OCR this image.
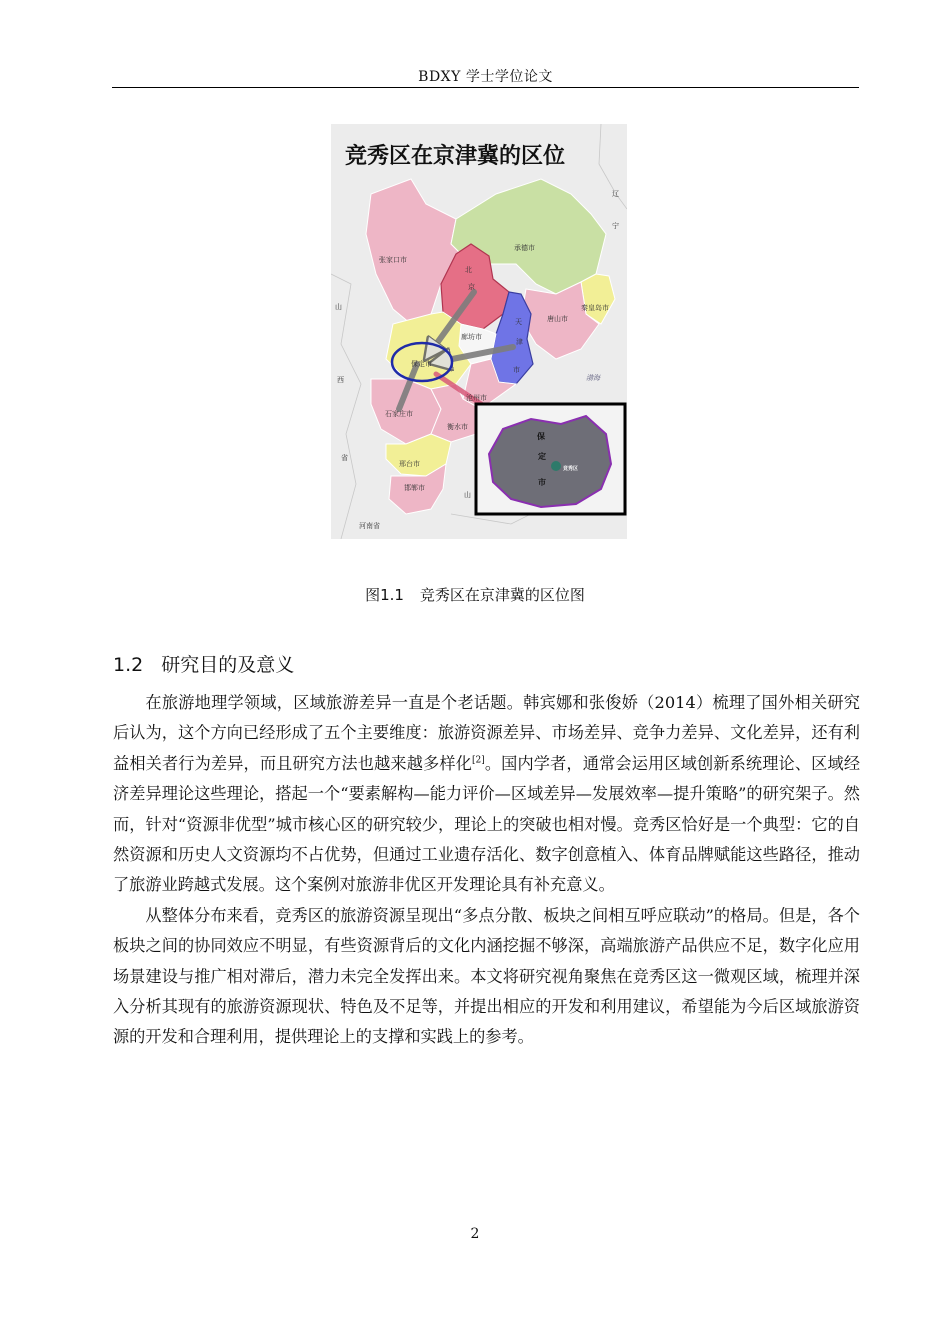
BDXY 学士学位论文
竞秀区在京津冀的区位
辽
宁
张家口市
承德市
北
京
天
津
市
秦皇岛市
唐山市
廊坊市
保定市
沧州市
石家庄市
衡水市
邢台市
邯郸市
山
西
省
渤海
山
河南省
保
定
市
竞秀区
图1.1 竞秀区在京津冀的区位图
1.2 研究目的及意义

在旅游地理学领域，区域旅游差异一直是个老话题。韩宾娜和张俊娇（2014）梳理了国外相关研究后认为，这个方向已经形成了五个主要维度：旅游资源差异、市场差异、竞争力差异、文化差异，还有利益相关者行为差异，而且研究方法也越来越多样化[2]。国内学者，通常会运用区域创新系统理论、区域经济差异理论这些理论，搭起一个“要素解构—能力评价—区域差异—发展效率—提升策略”的研究架子。然而，针对“资源非优型”城市核心区的研究较少，理论上的突破也相对慢。竞秀区恰好是一个典型：它的自然资源和历史人文资源均不占优势，但通过工业遗存活化、数字创意植入、体育品牌赋能这些路径，推动了旅游业跨越式发展。这个案例对旅游非优区开发理论具有补充意义。

从整体分布来看，竞秀区的旅游资源呈现出“多点分散、板块之间相互呼应联动”的格局。但是，各个板块之间的协同效应不明显，有些资源背后的文化内涵挖掘不够深，高端旅游产品供应不足，数字化应用场景建设与推广相对滞后，潜力未完全发挥出来。本文将研究视角聚焦在竞秀区这一微观区域，梳理并深入分析其现有的旅游资源现状、特色及不足等，并提出相应的开发和利用建议，希望能为今后区域旅游资源的开发和合理利用，提供理论上的支撑和实践上的参考。

2
